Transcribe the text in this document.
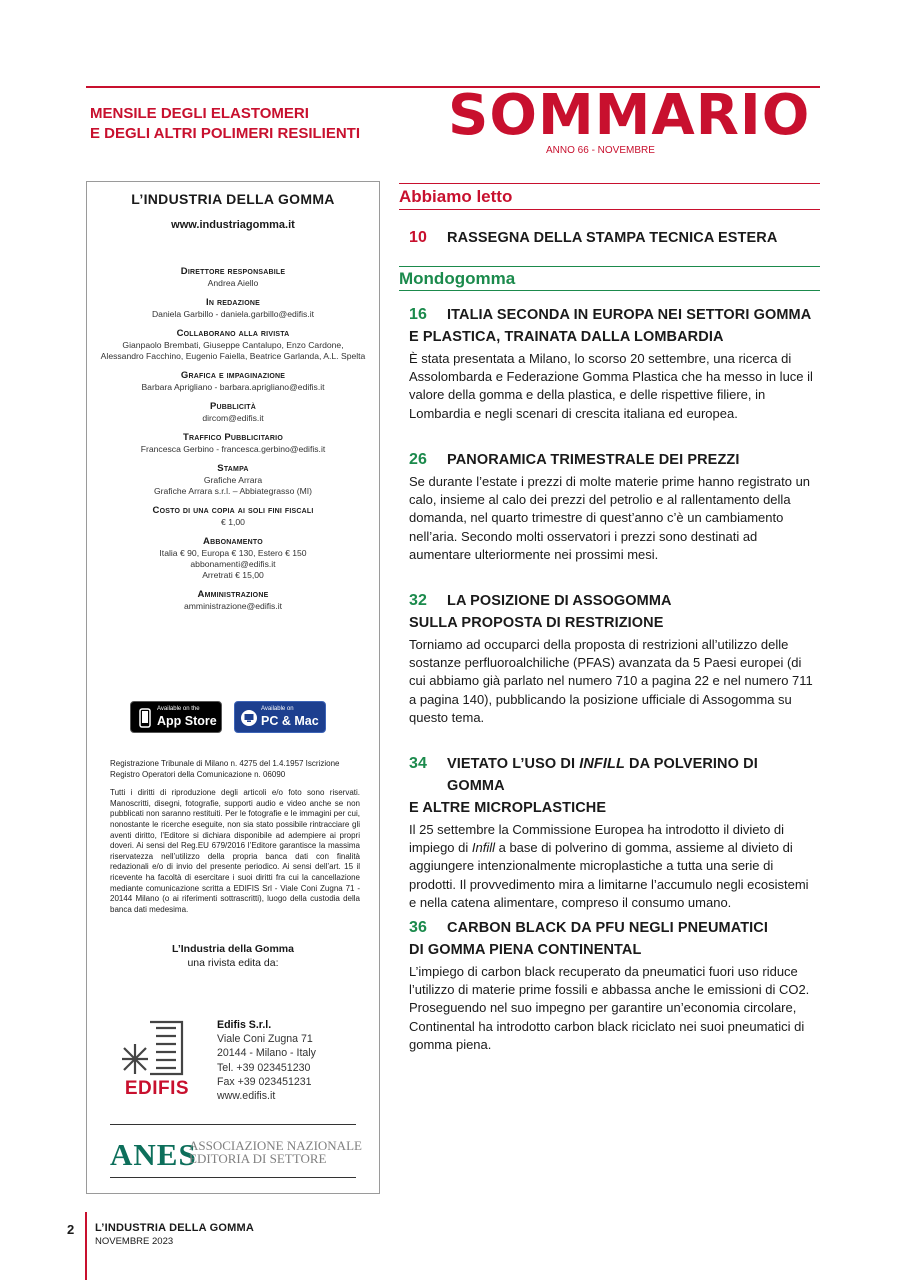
MENSILE DEGLI ELASTOMERI
E DEGLI ALTRI POLIMERI RESILIENTI	SOMMARIO
ANNO 66 - NOVEMBRE
L’INDUSTRIA DELLA GOMMA
www.industriagomma.it
Direttore responsabile
Andrea Aiello
In redazione
Daniela Garbillo - daniela.garbillo@edifis.it
Collaborano alla rivista
Gianpaolo Brembati, Giuseppe Cantalupo, Enzo Cardone,
Alessandro Facchino, Eugenio Faiella, Beatrice Garlanda, A.L. Spelta
Grafica e impaginazione
Barbara Aprigliano - barbara.aprigliano@edifis.it
Pubblicità
dircom@edifis.it
Traffico Pubblicitario
Francesca Gerbino - francesca.gerbino@edifis.it
Stampa
Grafiche Arrara
Grafiche Arrara s.r.l. – Abbiategrasso (MI)
Costo di una copia ai soli fini fiscali
€ 1,00
Abbonamento
Italia € 90, Europa € 130, Estero € 150
abbonamenti@edifis.it
Arretrati € 15,00
Amministrazione
amministrazione@edifis.it
Available on the
App Store
Available on
PC & Mac
Registrazione Tribunale di Milano n. 4275 del 1.4.1957 Iscrizione Registro Operatori della Comunicazione n. 06090
Tutti i diritti di riproduzione degli articoli e/o foto sono riservati. Manoscritti, disegni, fotografie, supporti audio e video anche se non pubblicati non saranno restituiti. Per le fotografie e le immagini per cui, nonostante le ricerche eseguite, non sia stato possibile rintracciare gli aventi diritto, l’Editore si dichiara disponibile ad adempiere ai propri doveri. Ai sensi del Reg.EU 679/2016 l’Editore garantisce la massima riservatezza nell’utilizzo della propria banca dati con finalità redazionali e/o di invio del presente periodico. Ai sensi dell’art. 15 il ricevente ha facoltà di esercitare i suoi diritti fra cui la cancellazione mediante comunicazione scritta a EDIFIS Srl - Viale Coni Zugna 71 - 20144 Milano (o ai riferimenti sottrascritti), luogo della custodia della banca dati medesima.
L’Industria della Gomma
una rivista edita da:
EDIFIS
Edifis S.r.l.
Viale Coni Zugna 71
20144 - Milano - Italy
Tel. +39 023451230
Fax +39 023451231
www.edifis.it
ANES
ASSOCIAZIONE NAZIONALE
EDITORIA DI SETTORE
Abbiamo letto
10	RASSEGNA DELLA STAMPA TECNICA ESTERA
Mondogomma
16	ITALIA SECONDA IN EUROPA NEI SETTORI GOMMA
E PLASTICA, TRAINATA DALLA LOMBARDIA
È stata presentata a Milano, lo scorso 20 settembre, una ricerca di Assolombarda e Federazione Gomma Plastica che ha messo in luce il valore della gomma e della plastica, e delle rispettive filiere, in Lombardia e negli scenari di crescita italiana ed europea.
26	PANORAMICA TRIMESTRALE DEI PREZZI
Se durante l’estate i prezzi di molte materie prime hanno registrato un calo, insieme al calo dei prezzi del petrolio e al rallentamento della domanda, nel quarto trimestre di quest’anno c’è un cambiamento nell’aria. Secondo molti osservatori i prezzi sono destinati ad aumentare ulteriormente nei prossimi mesi.
32	LA POSIZIONE DI ASSOGOMMA
SULLA PROPOSTA DI RESTRIZIONE
Torniamo ad occuparci della proposta di restrizioni all’utilizzo delle sostanze perfluoroalchiliche (PFAS) avanzata da 5 Paesi europei (di cui abbiamo già parlato nel numero 710 a pagina 22 e nel numero 711 a pagina 140), pubblicando la posizione ufficiale di Assogomma su questo tema.
34	VIETATO L’USO DI INFILL DA POLVERINO DI GOMMA
E ALTRE MICROPLASTICHE
Il 25 settembre la Commissione Europea ha introdotto il divieto di impiego di Infill a base di polverino di gomma, assieme al divieto di aggiungere intenzionalmente microplastiche a tutta una serie di prodotti. Il provvedimento mira a limitarne l’accumulo negli ecosistemi e nella catena alimentare, compreso il consumo umano.
36	CARBON BLACK DA PFU NEGLI PNEUMATICI
DI GOMMA PIENA CONTINENTAL
L’impiego di carbon black recuperato da pneumatici fuori uso riduce l’utilizzo di materie prime fossili e abbassa anche le emissioni di CO2. Proseguendo nel suo impegno per garantire un’economia circolare, Continental ha introdotto carbon black riciclato nei suoi pneumatici di gomma piena.
2 L’INDUSTRIA DELLA GOMMA
NOVEMBRE 2023
